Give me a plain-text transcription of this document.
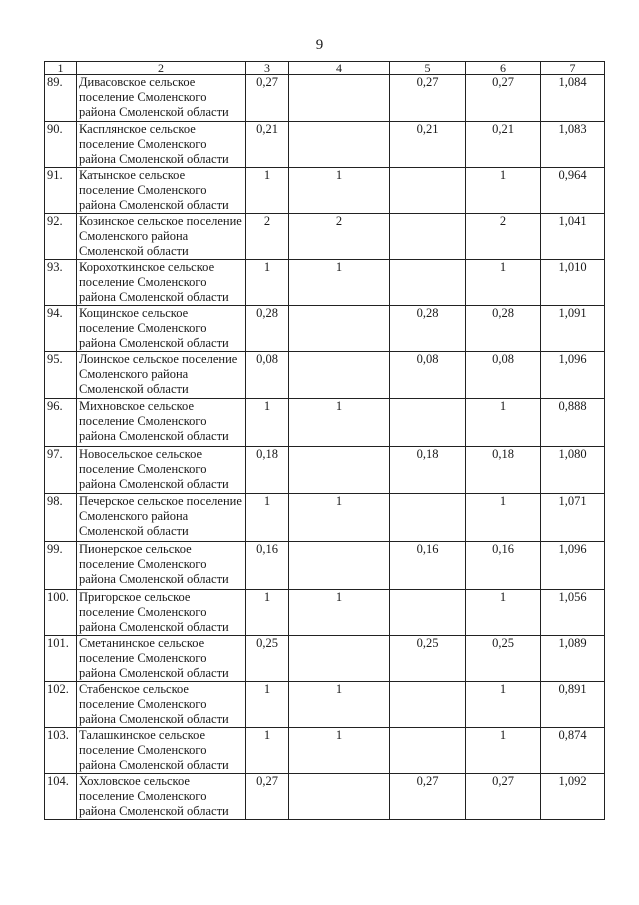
9
1	2	3	4	5	6	7
89.	Дивасовское сельское поселение Смоленского района Смоленской области	0,27		0,27	0,27	1,084
90.	Касплянское сельское поселение Смоленского района Смоленской области	0,21		0,21	0,21	1,083
91.	Катынское сельское поселение Смоленского района Смоленской области	1	1		1	0,964
92.	Козинское сельское поселение Смоленского района Смоленской области	2	2		2	1,041
93.	Корохоткинское сельское поселение Смоленского района Смоленской области	1	1		1	1,010
94.	Кощинское сельское поселение Смоленского района Смоленской области	0,28		0,28	0,28	1,091
95.	Лоинское сельское поселение Смоленского района Смоленской области	0,08		0,08	0,08	1,096
96.	Михновское сельское поселение Смоленского района Смоленской области	1	1		1	0,888
97.	Новосельское сельское поселение Смоленского района Смоленской области	0,18		0,18	0,18	1,080
98.	Печерское сельское поселение Смоленского района Смоленской области	1	1		1	1,071
99.	Пионерское сельское поселение Смоленского района Смоленской области	0,16		0,16	0,16	1,096
100.	Пригорское сельское поселение Смоленского района Смоленской области	1	1		1	1,056
101.	Сметанинское сельское поселение Смоленского района Смоленской области	0,25		0,25	0,25	1,089
102.	Стабенское сельское поселение Смоленского района Смоленской области	1	1		1	0,891
103.	Талашкинское сельское поселение Смоленского района Смоленской области	1	1		1	0,874
104.	Хохловское сельское поселение Смоленского района Смоленской области	0,27		0,27	0,27	1,092
